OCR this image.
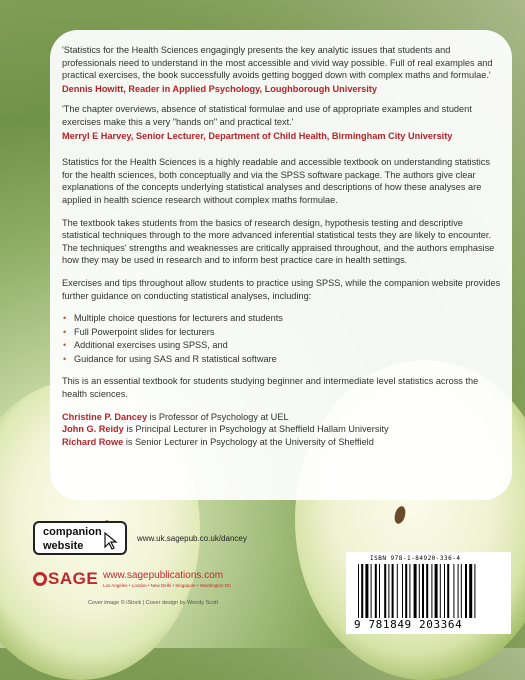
'Statistics for the Health Sciences engagingly presents the key analytic issues that students and professionals need to understand in the most accessible and vivid way possible. Full of real examples and practical exercises, the book successfully avoids getting bogged down with complex maths and formulae.'
Dennis Howitt, Reader in Applied Psychology, Loughborough University
'The chapter overviews, absence of statistical formulae and use of appropriate examples and student exercises make this a very "hands on" and practical text.'
Merryl E Harvey, Senior Lecturer, Department of Child Health, Birmingham City University

Statistics for the Health Sciences is a highly readable and accessible textbook on understanding statistics for the health sciences, both conceptually and via the SPSS software package. The authors give clear explanations of the concepts underlying statistical analyses and descriptions of how these analyses are applied in health science research without complex maths formulae.

The textbook takes students from the basics of research design, hypothesis testing and descriptive statistical techniques through to the more advanced inferential statistical tests they are likely to encounter. The techniques' strengths and weaknesses are critically appraised throughout, and the authors emphasise how they may be used in research and to inform best practice care in health settings.

Exercises and tips throughout allow students to practice using SPSS, while the companion website provides further guidance on conducting statistical analyses, including:

• Multiple choice questions for lecturers and students
• Full Powerpoint slides for lecturers
• Additional exercises using SPSS, and
• Guidance for using SAS and R statistical software

This is an essential textbook for students studying beginner and intermediate level statistics across the health sciences.

Christine P. Dancey is Professor of Psychology at UEL

John G. Reidy is Principal Lecturer in Psychology at Sheffield Hallam University

Richard Rowe is Senior Lecturer in Psychology at the University of Sheffield

companion
website
www.uk.sagepub.co.uk/dancey
SAGE www.sagepublications.com
Los Angeles • London • New Delhi • Singapore • Washington DC
Cover image © iStock | Cover design by Wendy Scott
ISBN 978-1-84920-336-4
9 781849 203364
